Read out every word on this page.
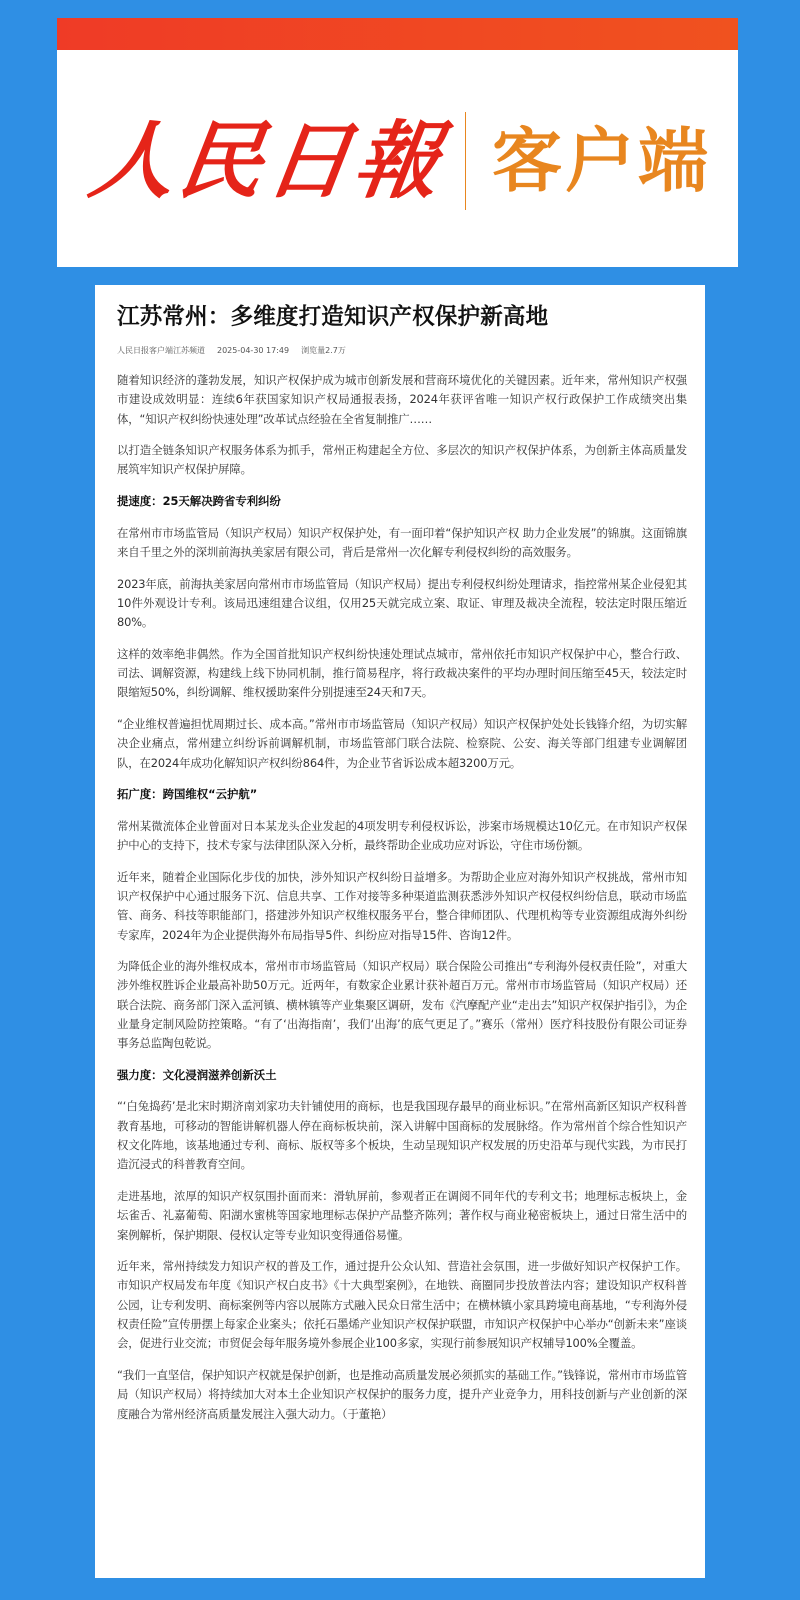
人民日報 客户端
江苏常州：多维度打造知识产权保护新高地
人民日报客户端江苏频道 2025-04-30 17:49 浏览量2.7万

随着知识经济的蓬勃发展，知识产权保护成为城市创新发展和营商环境优化的关键因素。近年来，常州知识产权强市建设成效明显：连续6年获国家知识产权局通报表扬，2024年获评省唯一知识产权行政保护工作成绩突出集体，“知识产权纠纷快速处理”改革试点经验在全省复制推广……

以打造全链条知识产权服务体系为抓手，常州正构建起全方位、多层次的知识产权保护体系，为创新主体高质量发展筑牢知识产权保护屏障。

提速度：25天解决跨省专利纠纷

在常州市市场监管局（知识产权局）知识产权保护处，有一面印着“保护知识产权 助力企业发展”的锦旗。这面锦旗来自千里之外的深圳前海执美家居有限公司，背后是常州一次化解专利侵权纠纷的高效服务。

2023年底，前海执美家居向常州市市场监管局（知识产权局）提出专利侵权纠纷处理请求，指控常州某企业侵犯其10件外观设计专利。该局迅速组建合议组，仅用25天就完成立案、取证、审理及裁决全流程，较法定时限压缩近80%。

这样的效率绝非偶然。作为全国首批知识产权纠纷快速处理试点城市，常州依托市知识产权保护中心，整合行政、司法、调解资源，构建线上线下协同机制，推行简易程序，将行政裁决案件的平均办理时间压缩至45天，较法定时限缩短50%，纠纷调解、维权援助案件分别提速至24天和7天。

“企业维权普遍担忧周期过长、成本高。”常州市市场监管局（知识产权局）知识产权保护处处长钱锋介绍，为切实解决企业痛点，常州建立纠纷诉前调解机制，市场监管部门联合法院、检察院、公安、海关等部门组建专业调解团队，在2024年成功化解知识产权纠纷864件，为企业节省诉讼成本超3200万元。

拓广度：跨国维权“云护航”

常州某微流体企业曾面对日本某龙头企业发起的4项发明专利侵权诉讼，涉案市场规模达10亿元。在市知识产权保护中心的支持下，技术专家与法律团队深入分析，最终帮助企业成功应对诉讼，守住市场份额。

近年来，随着企业国际化步伐的加快，涉外知识产权纠纷日益增多。为帮助企业应对海外知识产权挑战，常州市知识产权保护中心通过服务下沉、信息共享、工作对接等多种渠道监测获悉涉外知识产权侵权纠纷信息，联动市场监管、商务、科技等职能部门，搭建涉外知识产权维权服务平台，整合律师团队、代理机构等专业资源组成海外纠纷专家库，2024年为企业提供海外布局指导5件、纠纷应对指导15件、咨询12件。

为降低企业的海外维权成本，常州市市场监管局（知识产权局）联合保险公司推出“专利海外侵权责任险”，对重大涉外维权胜诉企业最高补助50万元。近两年，有数家企业累计获补超百万元。常州市市场监管局（知识产权局）还联合法院、商务部门深入孟河镇、横林镇等产业集聚区调研，发布《汽摩配产业“走出去”知识产权保护指引》，为企业量身定制风险防控策略。“有了‘出海指南’，我们‘出海’的底气更足了。”赛乐（常州）医疗科技股份有限公司证券事务总监陶包乾说。

强力度：文化浸润滋养创新沃土

“‘白兔捣药’是北宋时期济南刘家功夫针铺使用的商标，也是我国现存最早的商业标识。”在常州高新区知识产权科普教育基地，可移动的智能讲解机器人停在商标板块前，深入讲解中国商标的发展脉络。作为常州首个综合性知识产权文化阵地，该基地通过专利、商标、版权等多个板块，生动呈现知识产权发展的历史沿革与现代实践，为市民打造沉浸式的科普教育空间。

走进基地，浓厚的知识产权氛围扑面而来：滑轨屏前，参观者正在调阅不同年代的专利文书；地理标志板块上，金坛雀舌、礼嘉葡萄、阳湖水蜜桃等国家地理标志保护产品整齐陈列；著作权与商业秘密板块上，通过日常生活中的案例解析，保护期限、侵权认定等专业知识变得通俗易懂。

近年来，常州持续发力知识产权的普及工作，通过提升公众认知、营造社会氛围，进一步做好知识产权保护工作。市知识产权局发布年度《知识产权白皮书》《十大典型案例》，在地铁、商圈同步投放普法内容；建设知识产权科普公园，让专利发明、商标案例等内容以展陈方式融入民众日常生活中；在横林镇小家具跨境电商基地，“专利海外侵权责任险”宣传册摆上每家企业案头；依托石墨烯产业知识产权保护联盟，市知识产权保护中心举办“创新未来”座谈会，促进行业交流；市贸促会每年服务境外参展企业100多家，实现行前参展知识产权辅导100%全覆盖。

“我们一直坚信，保护知识产权就是保护创新，也是推动高质量发展必须抓实的基础工作。”钱锋说，常州市市场监管局（知识产权局）将持续加大对本土企业知识产权保护的服务力度，提升产业竞争力，用科技创新与产业创新的深度融合为常州经济高质量发展注入强大动力。（于董艳）
